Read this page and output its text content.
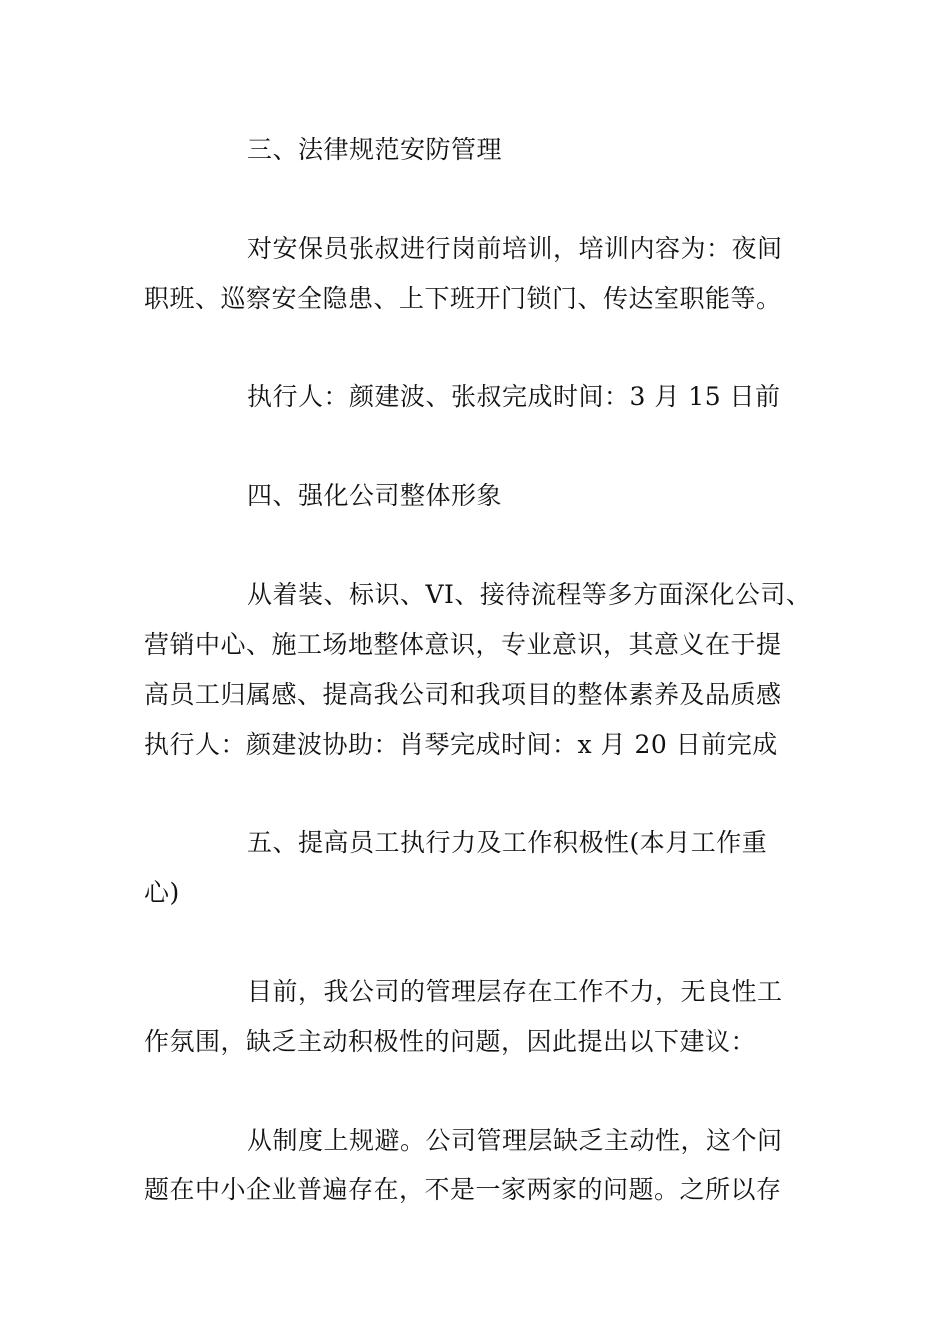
三、法律规范安防管理
对安保员张叔进行岗前培训，培训内容为：夜间
职班、巡察安全隐患、上下班开门锁门、传达室职能等。
执行人：颜建波、张叔完成时间：3 月 15 日前
四、强化公司整体形象
从着装、标识、VI、接待流程等多方面深化公司、
营销中心、施工场地整体意识，专业意识，其意义在于提
高员工归属感、提高我公司和我项目的整体素养及品质感
执行人：颜建波协助：肖琴完成时间：x 月 20 日前完成
五、提高员工执行力及工作积极性(本月工作重
心)
目前，我公司的管理层存在工作不力，无良性工
作氛围，缺乏主动积极性的问题，因此提出以下建议：
从制度上规避。公司管理层缺乏主动性，这个问
题在中小企业普遍存在，不是一家两家的问题。之所以存
